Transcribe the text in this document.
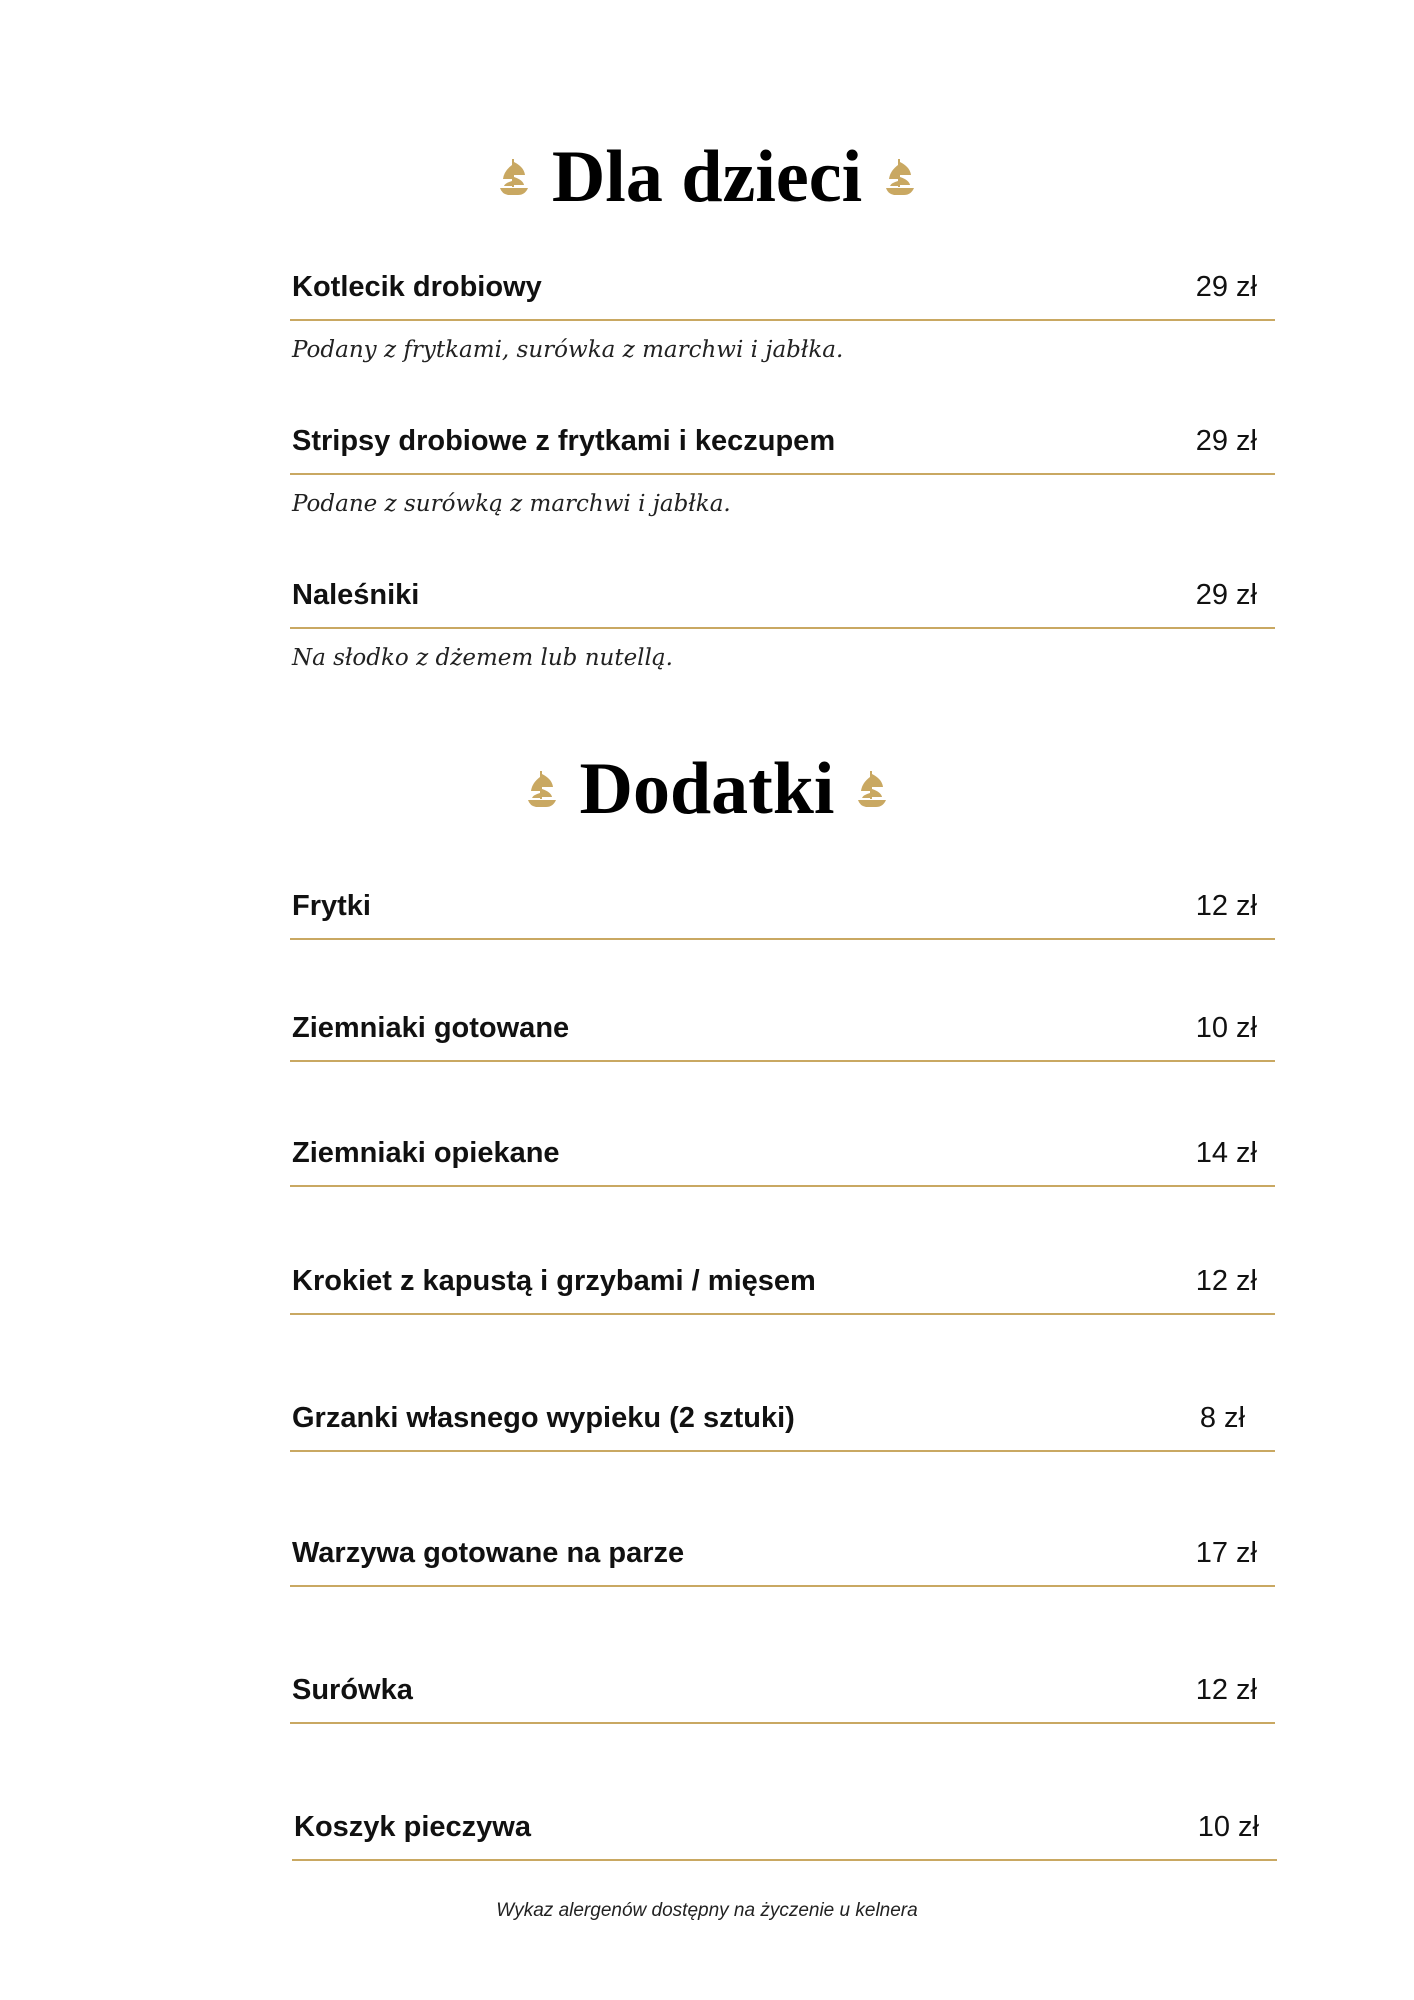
Dla dzieci
Kotlecik drobiowy	29 zł
Podany z frytkami, surówka z marchwi i jabłka.
Stripsy drobiowe z frytkami i keczupem	29 zł
Podane z surówką z marchwi i jabłka.
Naleśniki	29 zł
Na słodko z dżemem lub nutellą.
Dodatki
Frytki	12 zł
Ziemniaki gotowane	10 zł
Ziemniaki opiekane	14 zł
Krokiet z kapustą i grzybami / mięsem	12 zł
Grzanki własnego wypieku (2 sztuki)	8 zł
Warzywa gotowane na parze	17 zł
Surówka	12 zł
Koszyk pieczywa	10 zł
Wykaz alergenów dostępny na życzenie u kelnera
